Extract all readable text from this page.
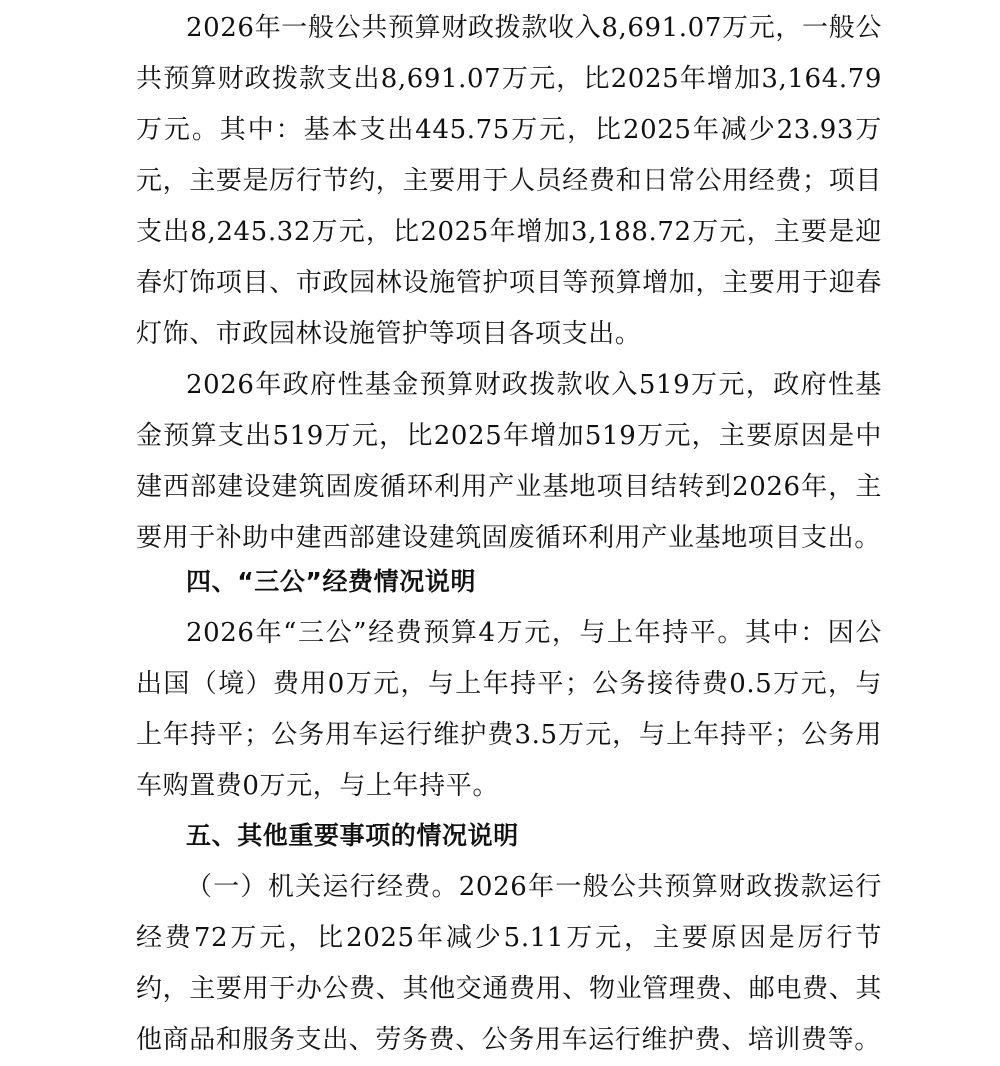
2026年一般公共预算财政拨款收入8,691.07万元，一般公共预算财政拨款支出8,691.07万元，比2025年增加3,164.79万元。其中：基本支出445.75万元，比2025年减少23.93万元，主要是厉行节约，主要用于人员经费和日常公用经费；项目支出8,245.32万元，比2025年增加3,188.72万元，主要是迎春灯饰项目、市政园林设施管护项目等预算增加，主要用于迎春灯饰、市政园林设施管护等项目各项支出。

2026年政府性基金预算财政拨款收入519万元，政府性基金预算支出519万元，比2025年增加519万元，主要原因是中建西部建设建筑固废循环利用产业基地项目结转到2026年，主要用于补助中建西部建设建筑固废循环利用产业基地项目支出。

四、“三公”经费情况说明

2026年“三公”经费预算4万元，与上年持平。其中：因公出国（境）费用0万元，与上年持平；公务接待费0.5万元，与上年持平；公务用车运行维护费3.5万元，与上年持平；公务用车购置费0万元，与上年持平。

五、其他重要事项的情况说明

（一）机关运行经费。2026年一般公共预算财政拨款运行经费72万元，比2025年减少5.11万元，主要原因是厉行节约，主要用于办公费、其他交通费用、物业管理费、邮电费、其他商品和服务支出、劳务费、公务用车运行维护费、培训费等。
